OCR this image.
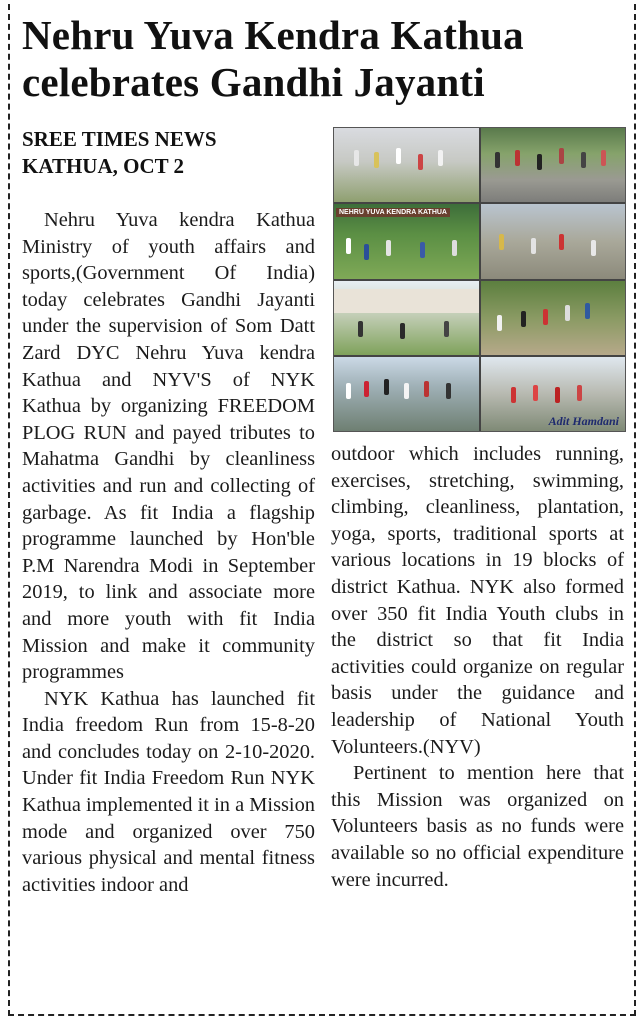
Nehru Yuva Kendra Kathua celebrates Gandhi Jayanti
SREE TIMES NEWS
KATHUA, OCT 2
NEHRU YUVA KENDRA KATHUA
Adit Hamdani

Nehru Yuva kendra Kathua Ministry of youth affairs and sports,(Government Of India) today celebrates Gandhi Jayanti under the supervision of Som Datt Zard DYC Nehru Yuva kendra Kathua and NYV'S of NYK Kathua by organizing FREEDOM PLOG RUN and payed tributes to Mahatma Gandhi by cleanliness activities and run and collecting of garbage. As fit India a flagship programme launched by Hon'ble P.M Narendra Modi in September 2019, to link and associate more and more youth with fit India Mission and make it community programmes

NYK Kathua has launched fit India freedom Run from 15-8-20 and concludes today on 2-10-2020. Under fit India Freedom Run NYK Kathua implemented it in a Mission mode and organized over 750 various physical and mental fitness activities indoor and

outdoor which includes running, exercises, stretching, swimming, climbing, cleanliness, plantation, yoga, sports, traditional sports at various locations in 19 blocks of district Kathua. NYK also formed over 350 fit India Youth clubs in the district so that fit India activities could organize on regular basis under the guidance and leadership of National Youth Volunteers.(NYV)

Pertinent to mention here that this Mission was organized on Volunteers basis as no funds were available so no official expenditure were incurred.
